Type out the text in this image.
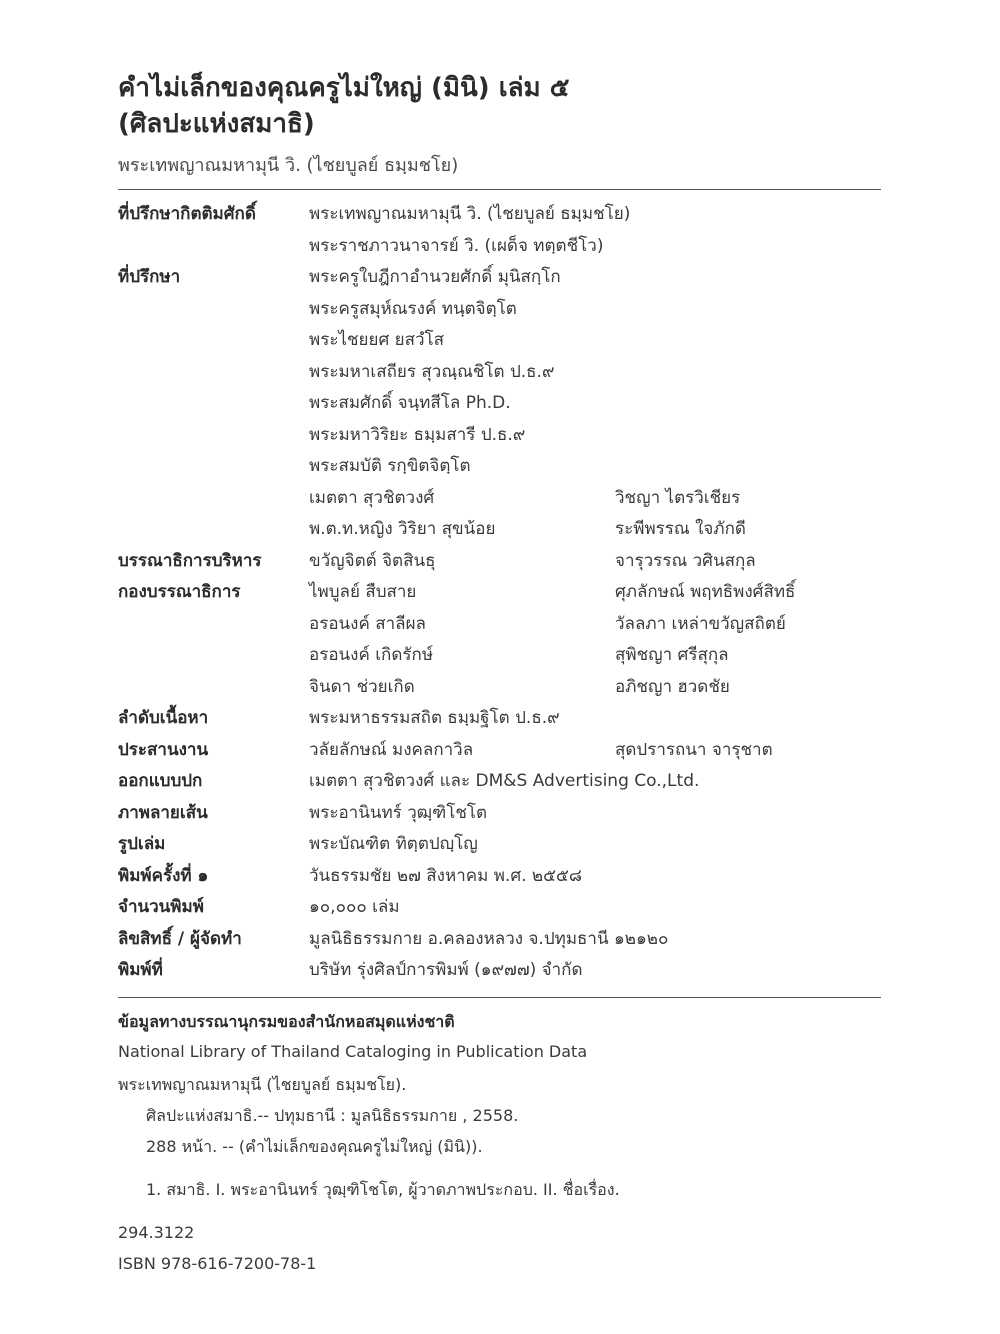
คำไม่เล็กของคุณครูไม่ใหญ่ (มินิ) เล่ม ๕
(ศิลปะแห่งสมาธิ)
พระเทพญาณมหามุนี วิ. (ไชยบูลย์ ธมฺมชโย)
ที่ปรึกษากิตติมศักดิ์	พระเทพญาณมหามุนี วิ. (ไชยบูลย์ ธมฺมชโย)
พระราชภาวนาจารย์ วิ. (เผด็จ ทตฺตชีโว)
ที่ปรึกษา	พระครูใบฎีกาอำนวยศักดิ์ มุนิสกฺโก
พระครูสมุห์ณรงค์ ทนฺตจิตฺโต
พระไชยยศ ยสวํโส
พระมหาเสถียร สุวณฺณชิโต ป.ธ.๙
พระสมศักดิ์ จนฺทสีโล Ph.D.
พระมหาวิริยะ ธมฺมสารี ป.ธ.๙
พระสมบัติ รกฺขิตจิตฺโต
เมตตา สุวชิตวงศ์	วิชญา ไตรวิเชียร
พ.ต.ท.หญิง วิริยา สุขน้อย	ระพีพรรณ ใจภักดี
บรรณาธิการบริหาร	ขวัญจิตต์ จิตสินธุ	จารุวรรณ วศินสกุล
กองบรรณาธิการ	ไพบูลย์ สืบสาย	ศุภลักษณ์ พฤทธิพงศ์สิทธิ์
อรอนงค์ สาลีผล	วัลลภา เหล่าขวัญสถิตย์
อรอนงค์ เกิดรักษ์	สุพิชญา ศรีสุกุล
จินดา ช่วยเกิด	อภิชญา ฮวดชัย
ลำดับเนื้อหา	พระมหาธรรมสถิต ธมฺมฐิโต ป.ธ.๙
ประสานงาน	วลัยลักษณ์ มงคลกาวิล	สุดปรารถนา จารุชาต
ออกแบบปก	เมตตา สุวชิตวงศ์ และ DM&S Advertising Co.,Ltd.
ภาพลายเส้น	พระอานินทร์ วุฒฺฑิโชโต
รูปเล่ม	พระบัณฑิต ทิตฺตปญฺโญ
พิมพ์ครั้งที่ ๑	วันธรรมชัย ๒๗ สิงหาคม พ.ศ. ๒๕๕๘
จำนวนพิมพ์	๑๐,๐๐๐ เล่ม
ลิขสิทธิ์ / ผู้จัดทำ	มูลนิธิธรรมกาย อ.คลองหลวง จ.ปทุมธานี ๑๒๑๒๐
พิมพ์ที่	บริษัท รุ่งศิลป์การพิมพ์ (๑๙๗๗) จำกัด
ข้อมูลทางบรรณานุกรมของสำนักหอสมุดแห่งชาติ
National Library of Thailand Cataloging in Publication Data
พระเทพญาณมหามุนี (ไชยบูลย์ ธมฺมชโย).
ศิลปะแห่งสมาธิ.-- ปทุมธานี : มูลนิธิธรรมกาย , 2558.
288 หน้า. -- (คำไม่เล็กของคุณครูไม่ใหญ่ (มินิ)).
1. สมาธิ. I. พระอานินทร์ วุฒฺฑิโชโต, ผู้วาดภาพประกอบ. II. ชื่อเรื่อง.
294.3122
ISBN 978-616-7200-78-1
